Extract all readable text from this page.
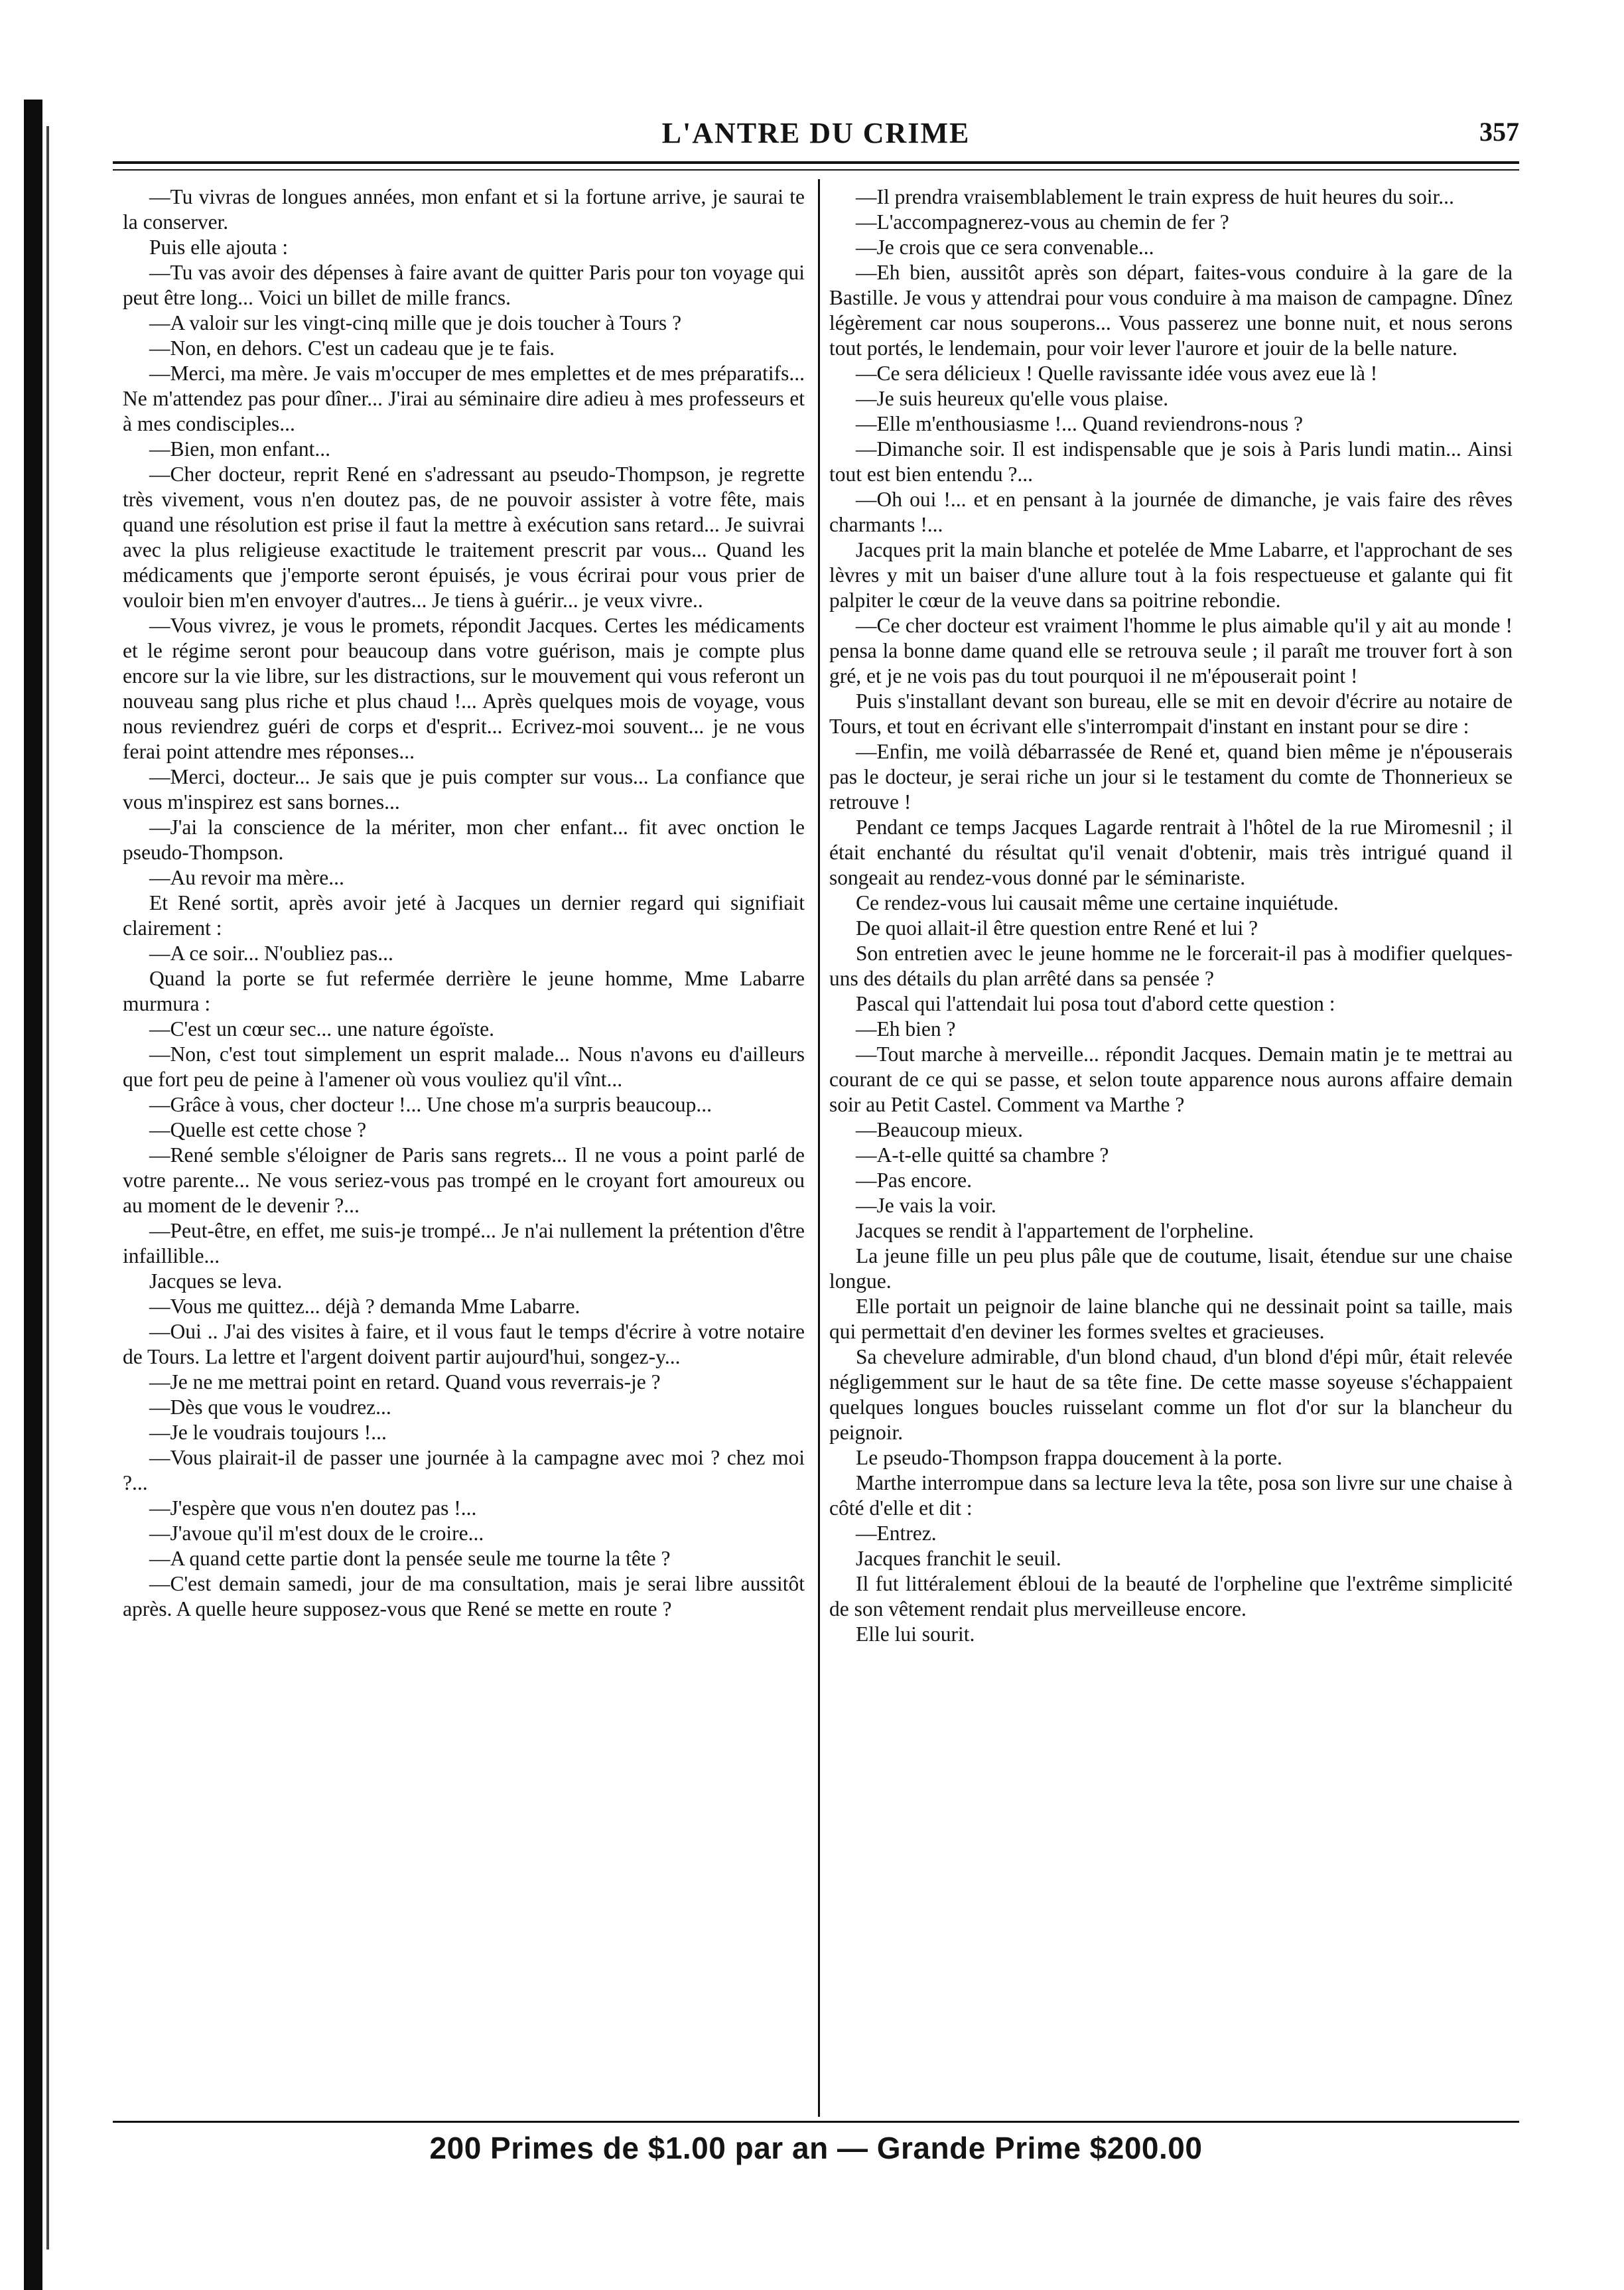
L'ANTRE DU CRIME	357

—Tu vivras de longues années, mon enfant et si la fortune arrive, je saurai te la conserver.

Puis elle ajouta :

—Tu vas avoir des dépenses à faire avant de quitter Paris pour ton voyage qui peut être long... Voici un billet de mille francs.

—A valoir sur les vingt-cinq mille que je dois toucher à Tours ?

—Non, en dehors. C'est un cadeau que je te fais.

—Merci, ma mère. Je vais m'occuper de mes emplettes et de mes préparatifs... Ne m'attendez pas pour dîner... J'irai au séminaire dire adieu à mes professeurs et à mes condisciples...

—Bien, mon enfant...

—Cher docteur, reprit René en s'adressant au pseudo-Thompson, je regrette très vivement, vous n'en doutez pas, de ne pouvoir assister à votre fête, mais quand une résolution est prise il faut la mettre à exécution sans retard... Je suivrai avec la plus religieuse exactitude le traitement prescrit par vous... Quand les médicaments que j'emporte seront épuisés, je vous écrirai pour vous prier de vouloir bien m'en envoyer d'autres... Je tiens à guérir... je veux vivre..

—Vous vivrez, je vous le promets, répondit Jacques. Certes les médicaments et le régime seront pour beaucoup dans votre guérison, mais je compte plus encore sur la vie libre, sur les distractions, sur le mouvement qui vous referont un nouveau sang plus riche et plus chaud !... Après quelques mois de voyage, vous nous reviendrez guéri de corps et d'esprit... Ecrivez-moi souvent... je ne vous ferai point attendre mes réponses...

—Merci, docteur... Je sais que je puis compter sur vous... La confiance que vous m'inspirez est sans bornes...

—J'ai la conscience de la mériter, mon cher enfant... fit avec onction le pseudo-Thompson.

—Au revoir ma mère...

Et René sortit, après avoir jeté à Jacques un dernier regard qui signifiait clairement :

—A ce soir... N'oubliez pas...

Quand la porte se fut refermée derrière le jeune homme, Mme Labarre murmura :

—C'est un cœur sec... une nature égoïste.

—Non, c'est tout simplement un esprit malade... Nous n'avons eu d'ailleurs que fort peu de peine à l'amener où vous vouliez qu'il vînt...

—Grâce à vous, cher docteur !... Une chose m'a surpris beaucoup...

—Quelle est cette chose ?

—René semble s'éloigner de Paris sans regrets... Il ne vous a point parlé de votre parente... Ne vous seriez-vous pas trompé en le croyant fort amoureux ou au moment de le devenir ?...

—Peut-être, en effet, me suis-je trompé... Je n'ai nullement la prétention d'être infaillible...

Jacques se leva.

—Vous me quittez... déjà ? demanda Mme Labarre.

—Oui .. J'ai des visites à faire, et il vous faut le temps d'écrire à votre notaire de Tours. La lettre et l'argent doivent partir aujourd'hui, songez-y...

—Je ne me mettrai point en retard. Quand vous reverrais-je ?

—Dès que vous le voudrez...

—Je le voudrais toujours !...

—Vous plairait-il de passer une journée à la campagne avec moi ? chez moi ?...

—J'espère que vous n'en doutez pas !...

—J'avoue qu'il m'est doux de le croire...

—A quand cette partie dont la pensée seule me tourne la tête ?

—C'est demain samedi, jour de ma consultation, mais je serai libre aussitôt après. A quelle heure supposez-vous que René se mette en route ?

—Il prendra vraisemblablement le train express de huit heures du soir...

—L'accompagnerez-vous au chemin de fer ?

—Je crois que ce sera convenable...

—Eh bien, aussitôt après son départ, faites-vous conduire à la gare de la Bastille. Je vous y attendrai pour vous conduire à ma maison de campagne. Dînez légèrement car nous souperons... Vous passerez une bonne nuit, et nous serons tout portés, le lendemain, pour voir lever l'aurore et jouir de la belle nature.

—Ce sera délicieux ! Quelle ravissante idée vous avez eue là !

—Je suis heureux qu'elle vous plaise.

—Elle m'enthousiasme !... Quand reviendrons-nous ?

—Dimanche soir. Il est indispensable que je sois à Paris lundi matin... Ainsi tout est bien entendu ?...

—Oh oui !... et en pensant à la journée de dimanche, je vais faire des rêves charmants !...

Jacques prit la main blanche et potelée de Mme Labarre, et l'approchant de ses lèvres y mit un baiser d'une allure tout à la fois respectueuse et galante qui fit palpiter le cœur de la veuve dans sa poitrine rebondie.

—Ce cher docteur est vraiment l'homme le plus aimable qu'il y ait au monde ! pensa la bonne dame quand elle se retrouva seule ; il paraît me trouver fort à son gré, et je ne vois pas du tout pourquoi il ne m'épouserait point !

Puis s'installant devant son bureau, elle se mit en devoir d'écrire au notaire de Tours, et tout en écrivant elle s'interrompait d'instant en instant pour se dire :

—Enfin, me voilà débarrassée de René et, quand bien même je n'épouserais pas le docteur, je serai riche un jour si le testament du comte de Thonnerieux se retrouve !

Pendant ce temps Jacques Lagarde rentrait à l'hôtel de la rue Miromesnil ; il était enchanté du résultat qu'il venait d'obtenir, mais très intrigué quand il songeait au rendez-vous donné par le séminariste.

Ce rendez-vous lui causait même une certaine inquiétude.

De quoi allait-il être question entre René et lui ?

Son entretien avec le jeune homme ne le forcerait-il pas à modifier quelques-uns des détails du plan arrêté dans sa pensée ?

Pascal qui l'attendait lui posa tout d'abord cette question :

—Eh bien ?

—Tout marche à merveille... répondit Jacques. Demain matin je te mettrai au courant de ce qui se passe, et selon toute apparence nous aurons affaire demain soir au Petit Castel. Comment va Marthe ?

—Beaucoup mieux.

—A-t-elle quitté sa chambre ?

—Pas encore.

—Je vais la voir.

Jacques se rendit à l'appartement de l'orpheline.

La jeune fille un peu plus pâle que de coutume, lisait, étendue sur une chaise longue.

Elle portait un peignoir de laine blanche qui ne dessinait point sa taille, mais qui permettait d'en deviner les formes sveltes et gracieuses.

Sa chevelure admirable, d'un blond chaud, d'un blond d'épi mûr, était relevée négligemment sur le haut de sa tête fine. De cette masse soyeuse s'échappaient quelques longues boucles ruisselant comme un flot d'or sur la blancheur du peignoir.

Le pseudo-Thompson frappa doucement à la porte.

Marthe interrompue dans sa lecture leva la tête, posa son livre sur une chaise à côté d'elle et dit :

—Entrez.

Jacques franchit le seuil.

Il fut littéralement ébloui de la beauté de l'orpheline que l'extrême simplicité de son vêtement rendait plus merveilleuse encore.

Elle lui sourit.

200 Primes de $1.00 par an — Grande Prime $200.00
